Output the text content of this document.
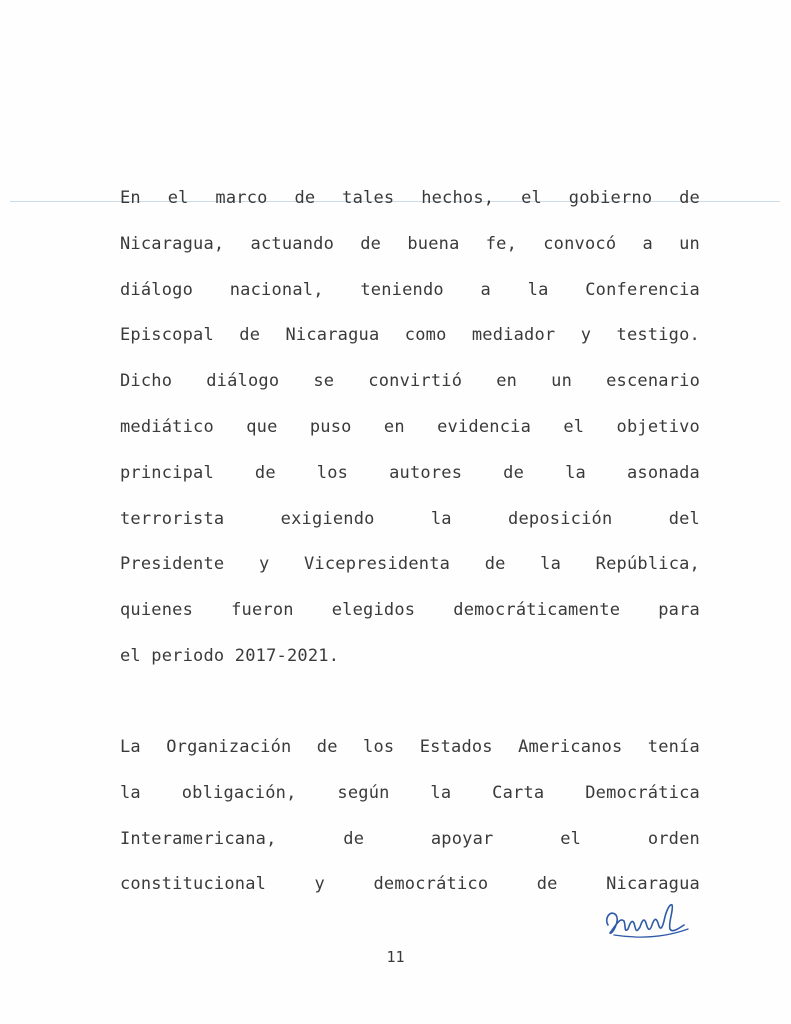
En el marco de tales hechos, el gobierno de
Nicaragua, actuando de buena fe, convocó a un
diálogo nacional, teniendo a la Conferencia
Episcopal de Nicaragua como mediador y testigo.
Dicho diálogo se convirtió en un escenario
mediático que puso en evidencia el objetivo
principal de los autores de la asonada
terrorista exigiendo la deposición del
Presidente y Vicepresidenta de la República,
quienes fueron elegidos democráticamente para
el periodo 2017-2021.
La Organización de los Estados Americanos tenía
la obligación, según la Carta Democrática
Interamericana, de apoyar el orden
constitucional y democrático de Nicaragua
11
